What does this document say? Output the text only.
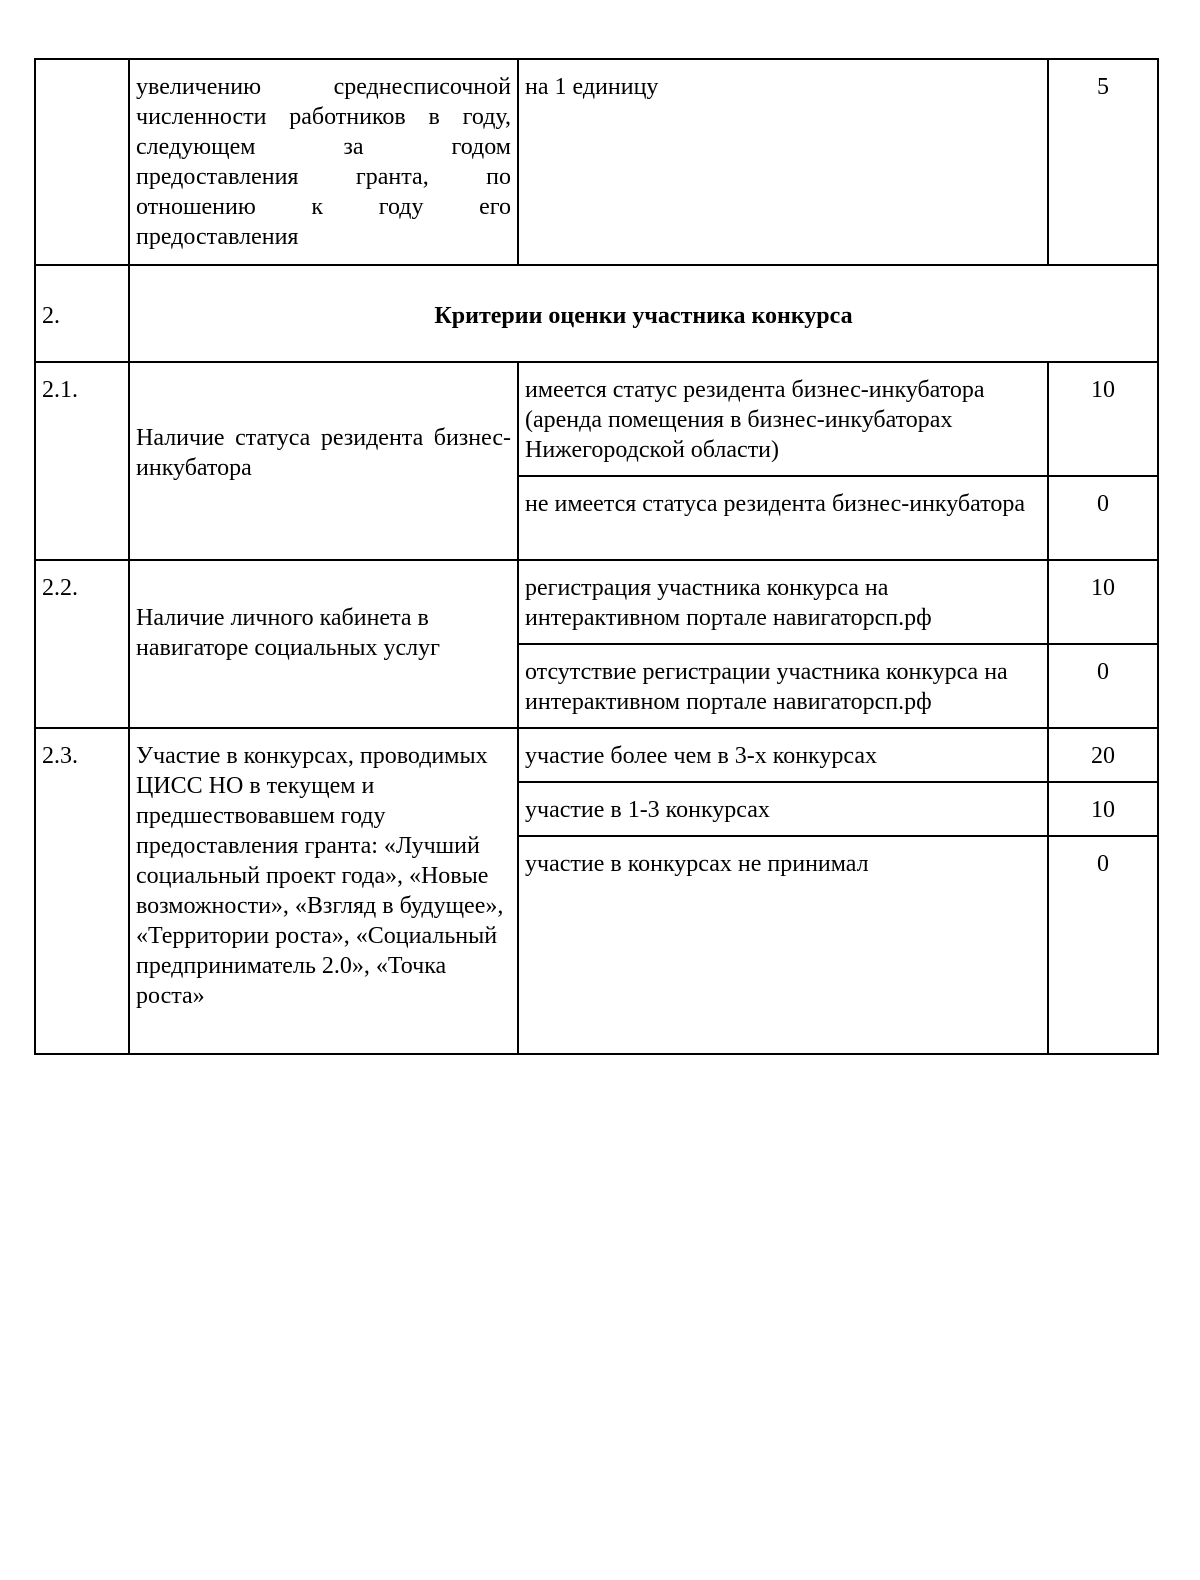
	увеличению среднесписочной численности работников в году, следующем за годом предоставления гранта, по отношению к году его предоставления	на 1 единицу	5
2.	Критерии оценки участника конкурса		
2.1.	Наличие статуса резидента бизнес-инкубатора	имеется статус резидента бизнес-инкубатора (аренда помещения в бизнес-инкубаторах Нижегородской области)	10
		не имеется статуса резидента бизнес-инкубатора	0
2.2.	Наличие личного кабинета в навигаторе социальных услуг	регистрация участника конкурса на интерактивном портале навигаторсп.рф	10
		отсутствие регистрации участника конкурса на интерактивном портале навигаторсп.рф	0
2.3.	Участие в конкурсах, проводимых ЦИСС НО в текущем и предшествовавшем году предоставления гранта: «Лучший социальный проект года», «Новые возможности», «Взгляд в будущее», «Территории роста», «Социальный предприниматель 2.0», «Точка роста»	участие более чем в 3-х конкурсах	20
		участие в 1-3 конкурсах	10
		участие в конкурсах не принимал	0
